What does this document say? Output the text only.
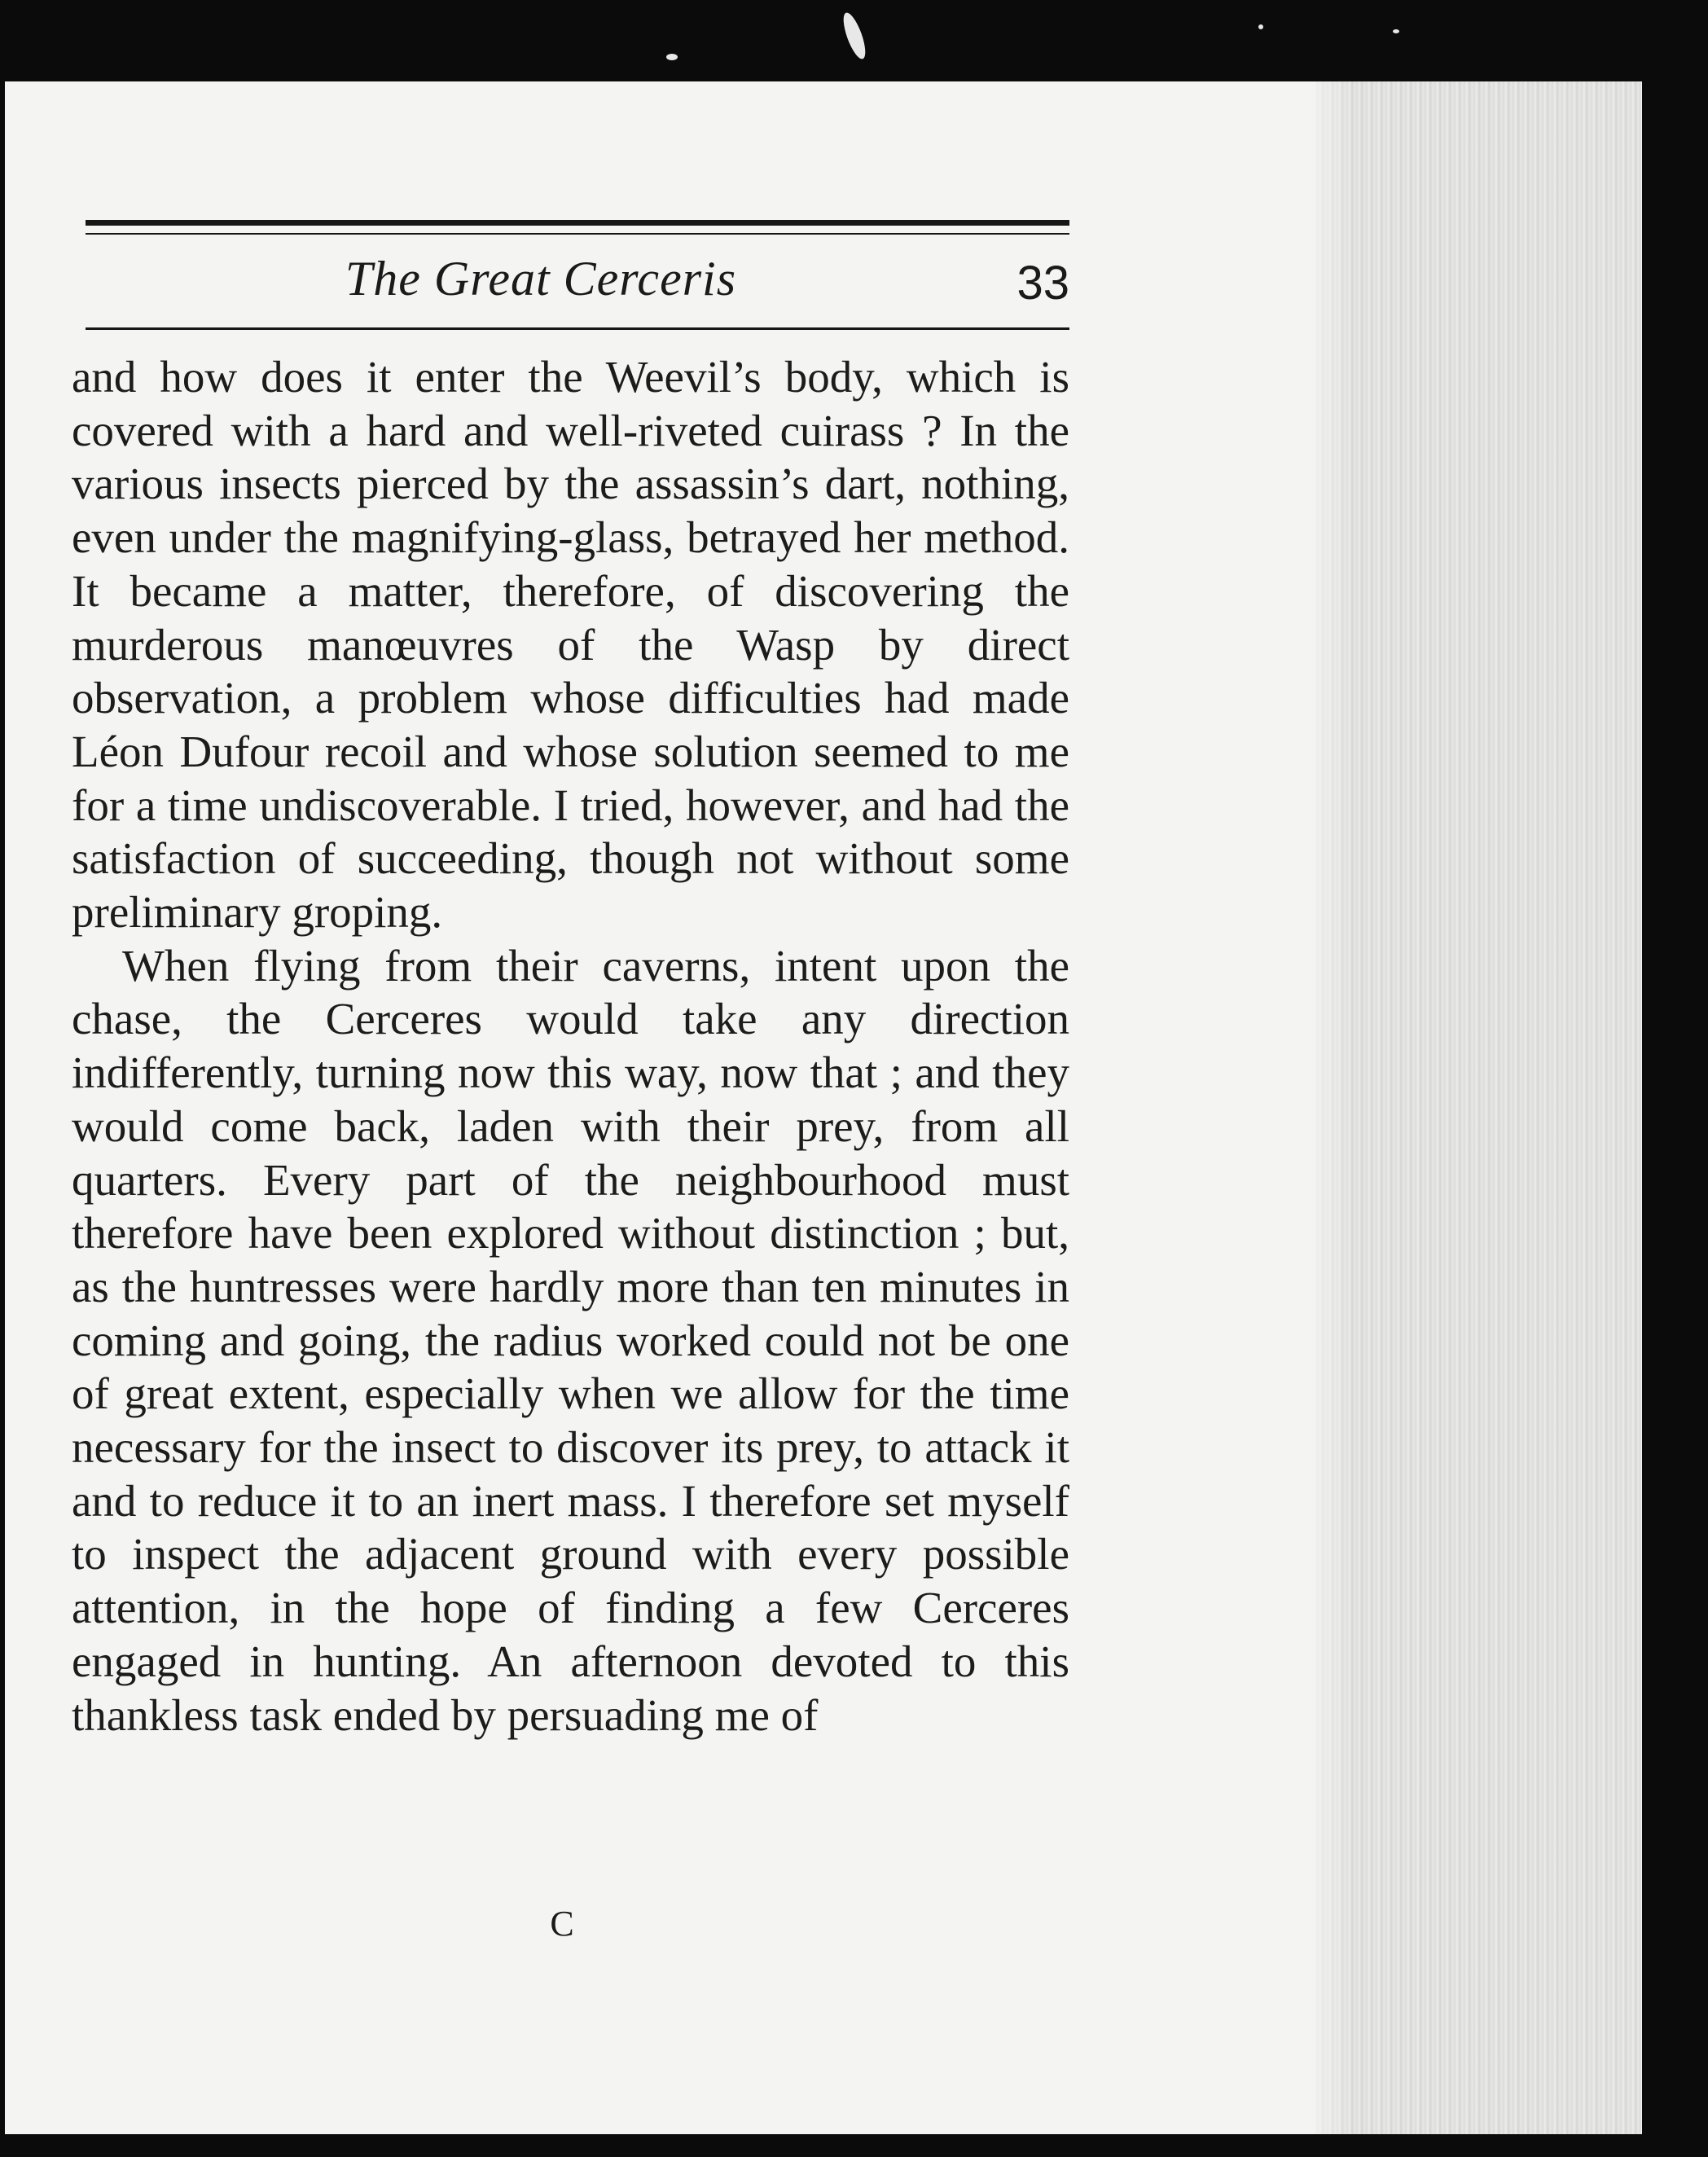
The Great Cerceris	33

and how does it enter the Weevil’s body, which is covered with a hard and well-riveted cuirass ? In the various insects pierced by the assassin’s dart, nothing, even under the magnifying-glass, betrayed her method. It became a matter, therefore, of discovering the murderous manœuvres of the Wasp by direct observation, a problem whose difficulties had made Léon Dufour recoil and whose solution seemed to me for a time undiscoverable. I tried, however, and had the satisfaction of succeeding, though not without some preliminary groping.

When flying from their caverns, intent upon the chase, the Cerceres would take any direction indifferently, turning now this way, now that ; and they would come back, laden with their prey, from all quarters. Every part of the neighbourhood must therefore have been explored without distinction ; but, as the huntresses were hardly more than ten minutes in coming and going, the radius worked could not be one of great extent, especially when we allow for the time necessary for the insect to discover its prey, to attack it and to reduce it to an inert mass. I therefore set myself to inspect the adjacent ground with every possible attention, in the hope of finding a few Cerceres engaged in hunting. An afternoon devoted to this thankless task ended by persuading me of

C
